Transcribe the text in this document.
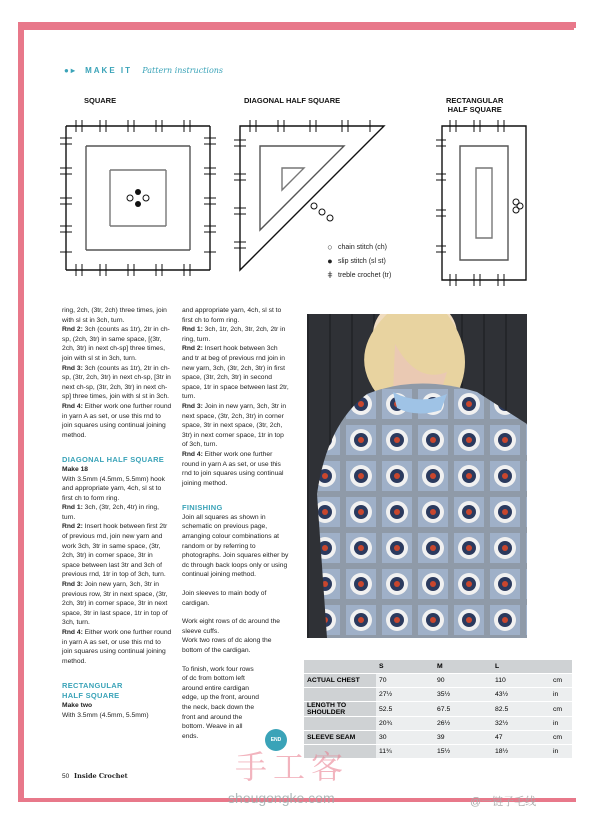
●▸ MAKE IT Pattern instructions
SQUARE	DIAGONAL HALF SQUARE	RECTANGULAR
HALF SQUARE
○ chain stitch (ch)
● slip stitch (sl st)
ǂ treble crochet (tr)

ring, 2ch, (3tr, 2ch) three times, join with sl st in 3ch, turn.

Rnd 2: 3ch (counts as 1tr), 2tr in ch-sp, (2ch, 3tr) in same space, [(3tr, 2ch, 3tr) in next ch-sp] three times, join with sl st in 3ch, turn.

Rnd 3: 3ch (counts as 1tr), 2tr in ch-sp, (3tr, 2ch, 3tr) in next ch-sp, [3tr in next ch-sp, (3tr, 2ch, 3tr) in next ch-sp] three times, join with sl st in 3ch.

Rnd 4: Either work one further round in yarn A as set, or use this rnd to join squares using continual joining method.

DIAGONAL HALF SQUARE

Make 18

With 3.5mm (4.5mm, 5.5mm) hook and appropriate yarn, 4ch, sl st to first ch to form ring.

Rnd 1: 3ch, (3tr, 2ch, 4tr) in ring, turn.

Rnd 2: Insert hook between first 2tr of previous rnd, join new yarn and work 3ch, 3tr in same space, (3tr, 2ch, 3tr) in corner space, 3tr in space between last 3tr and 3ch of previous rnd, 1tr in top of 3ch, turn.

Rnd 3: Join new yarn, 3ch, 3tr in previous row, 3tr in next space, (3tr, 2ch, 3tr) in corner space, 3tr in next space, 3tr in last space, 1tr in top of 3ch, turn.

Rnd 4: Either work one further round in yarn A as set, or use this rnd to join squares using continual joining method.

RECTANGULAR
HALF SQUARE

Make two

With 3.5mm (4.5mm, 5.5mm)

and appropriate yarn, 4ch, sl st to first ch to form ring.

Rnd 1: 3ch, 1tr, 2ch, 3tr, 2ch, 2tr in ring, turn.

Rnd 2: Insert hook between 3ch and tr at beg of previous rnd join in new yarn, 3ch, (3tr, 2ch, 3tr) in first space, (3tr, 2ch, 3tr) in second space, 1tr in space between last 2tr, turn.

Rnd 3: Join in new yarn, 3ch, 3tr in next space, (3tr, 2ch, 3tr) in corner space, 3tr in next space, (3tr, 2ch, 3tr) in next corner space, 1tr in top of 3ch, turn.

Rnd 4: Either work one further round in yarn A as set, or use this rnd to join squares using continual joining method.

FINISHING

Join all squares as shown in schematic on previous page, arranging colour combinations at random or by referring to photographs. Join squares either by dc through back loops only or using continual joining method.

Join sleeves to main body of cardigan.

Work eight rows of dc around the sleeve cuffs.

Work two rows of dc along the bottom of the cardigan.

To finish, work four rows of dc from bottom left around entire cardigan edge, up the front, around the neck, back down the front and around the bottom. Weave in all ends.

	S	M	L	
ACTUAL CHEST	70	90	110	cm
	27½	35½	43½	in
LENGTH TO SHOULDER	52.5	67.5	82.5	cm
	20¾	26½	32½	in
SLEEVE SEAM	30	39	47	cm
	11¾	15½	18½	in
END
50 Inside Crochet	手工客
shougongke.com	@一链子毛线
